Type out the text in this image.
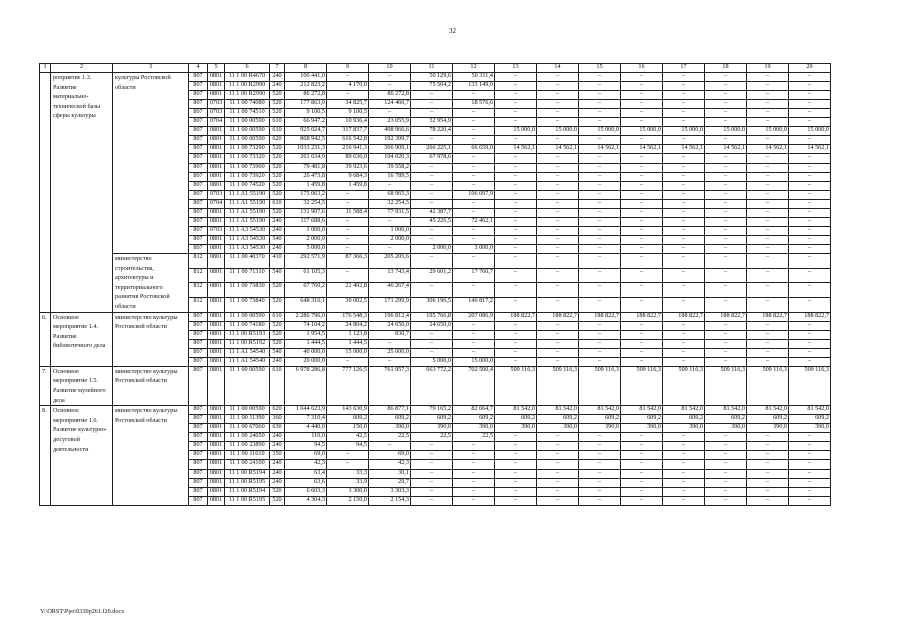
32
1	2	3	4	5	6	7	8	9	10	11	12	13	14	15	16	17	18	19	20
	роприятие 1.3. Развитие материально-технической базы сферы культуры	культуры Ростовской области	807	0801	11 1 00 R4670	240	100 441,0	–	–	50 129,6	50 311,4	–	–	–	–	–	–	–	–
			807	0801	11 1 00 R2990	240	212 823,2	4 170,0	–	75 504,2	133 149,0	–	–	–	–	–	–	–	–
			807	0801	11 1 00 R2990	520	86 272,8	–	86 272,8	–	–	–	–	–	–	–	–	–	–
			807	0703	11 1 00 74080	520	177 863,0	34 825,7	124 460,7	–	18 576,6	–	–	–	–	–	–	–	–
			807	0703	11 1 00 74510	520	9 100,5	9 100,5	–	–	–	–	–	–	–	–	–	–	–
			807	0704	11 1 00 00590	610	66 947,2	10 936,4	23 055,9	32 954,9	–	–	–	–	–	–	–	–	–
			807	0801	11 1 00 00590	610	925 024,7	317 837,7	408 966,6	78 220,4	–	15 000,0	15 000,0	15 000,0	15 000,0	15 000,0	15 000,0	15 000,0	15 000,0
			807	0801	11 1 00 00590	620	808 942,5	616 542,8	192 399,7	–	–	–	–	–	–	–	–	–	–
			807	0801	11 1 00 73290	520	1033 231,3	216 941,3	366 909,1	266 225,1	66 659,0	14 562,1	14 562,1	14 562,1	14 562,1	14 562,1	14 562,1	14 562,1	14 562,1
			807	0801	11 1 00 73320	520	261 634,9	89 636,0	104 020,3	67 978,6	–	–	–	–	–	–	–	–	–
			807	0801	11 1 00 73900	520	79 481,8	39 923,6	39 558,2	–	–	–	–	–	–	–	–	–	–
			807	0801	11 1 00 73920	520	26 473,8	9 684,3	16 789,5	–	–	–	–	–	–	–	–	–	–
			807	0801	11 1 00 74520	520	1 459,8	1 459,8	–	–	–	–	–	–	–	–	–	–	–
			807	0703	11 1 A1 55190	520	175 063,2	–	68 965,3	–	106 097,9	–	–	–	–	–	–	–	–
			807	0704	11 1 A1 55190	610	32 254,5	–	32 254,5	–	–	–	–	–	–	–	–	–	–
			807	0801	11 1 A1 55190	520	131 907,6	11 588,4	77 931,5	42 387,7	–	–	–	–	–	–	–	–	–
			807	0801	11 1 A1 55190	240	117 688,6	–	–	45 226,5	72 462,1	–	–	–	–	–	–	–	–
			807	0703	11 1 A3 54530	240	1 000,0	–	1 000,0	–	–	–	–	–	–	–	–	–	–
			807	0801	11 1 A3 54530	540	2 000,0	–	2 000,0	–	–	–	–	–	–	–	–	–	–
			807	0801	11 1 A3 54530	240	5 000,0	–	–	2 000,0	3 000,0	–	–	–	–	–	–	–	–
		министерство строительства, архитектуры и территориального развития Ростовской области	812	0801	11 1 00 40370	410	292 571,9	87 366,3	205 205,6	–	–	–	–	–	–	–	–	–	–
			812	0801	11 1 00 71310	540	61 105,3	–	13 743,4	29 601,2	17 760,7	–	–	–	–	–	–	–	–
			812	0801	11 1 00 73830	520	67 760,2	21 492,8	46 267,4	–	–	–	–	–	–	–	–	–	–
			812	0801	11 1 00 73840	520	648 316,1	30 002,5	171 299,9	306 196,5	140 817,2	–	–	–	–	–	–	–	–
6.	Основное мероприятие 1.4. Развитие библиотечного дела	министерство культуры Ростовской области	807	0801	11 1 00 00590	610	2 286 796,0	176 548,3	196 812,4	195 766,8	207 086,9	188 822,7	188 822,7	188 822,7	188 822,7	188 822,7	188 822,7	188 822,7	188 822,7
			807	0801	11 1 00 74180	520	74 104,2	24 804,2	24 650,0	24 650,0	–	–	–	–	–	–	–	–	–
			807	0801	11 1 00 R5193	520	1 954,5	1 123,8	830,7	–	–	–	–	–	–	–	–	–	–
			807	0801	11 1 00 R5192	520	1 444,5	1 444,5	–	–	–	–	–	–	–	–	–	–	–
			807	0801	11 1 A1 54540	540	40 000,0	15 000,0	25 000,0	–	–	–	–	–	–	–	–	–	–
			807	0801	11 1 A1 54540	240	20 000,0	–	–	5 000,0	15 000,0	–	–	–	–	–	–	–	–
7.	Основное мероприятие 1.5. Развитие музейного дела	министерство культуры Ростовской области	807	0801	11 1 00 00590	610	6 978 286,8	777 126,5	761 957,3	663 772,2	702 500,4	509 116,3	509 116,3	509 116,3	509 116,3	509 116,3	509 116,3	509 116,3	509 116,3
8.	Основное мероприятие 1.6. Развитие культурно-досуговой деятельности	министерство культуры Ростовской области	807	0801	11 1 00 00590	620	1 044 623,9	143 630,9	86 877,1	79 165,2	82 664,7	81 542,0	81 542,0	81 542,0	81 542,0	81 542,0	81 542,0	81 542,0	81 542,0
			807	0801	11 1 00 11390	360	7 310,4	609,2	609,2	609,2	609,2	609,2	609,2	609,2	609,2	609,2	609,2	609,2	609,2
			807	0801	11 1 00 67060	630	4 440,0	150,0	390,0	390,0	390,0	390,0	390,0	390,0	390,0	390,0	390,0	390,0	390,0
			807	0801	11 1 00 24050	240	110,0	42,5	22,5	22,5	22,5	–	–	–	–	–	–	–	–
			807	0801	11 1 00 23890	240	94,5	94,5	–	–	–	–	–	–	–	–	–	–	–
			807	0801	11 1 00 11610	350	69,0	–	69,0	–	–	–	–	–	–	–	–	–	–
			807	0801	11 1 00 24100	240	42,3	–	42,3	–	–	–	–	–	–	–	–	–	–
			807	0801	11 1 00 R5194	240	63,4	33,3	30,1	–	–	–	–	–	–	–	–	–	–
			807	0801	11 1 00 R5195	240	63,6	33,9	29,7	–	–	–	–	–	–	–	–	–	–
			807	0801	11 1 00 R5194	520	6 603,3	3 300,0	3 303,3	–	–	–	–	–	–	–	–	–	–
			807	0801	11 1 00 R5195	520	4 304,3	2 150,0	2 154,3	–	–	–	–	–	–	–	–	–	–
Y:\ORST\Ppo\0330p261.f20.docx
